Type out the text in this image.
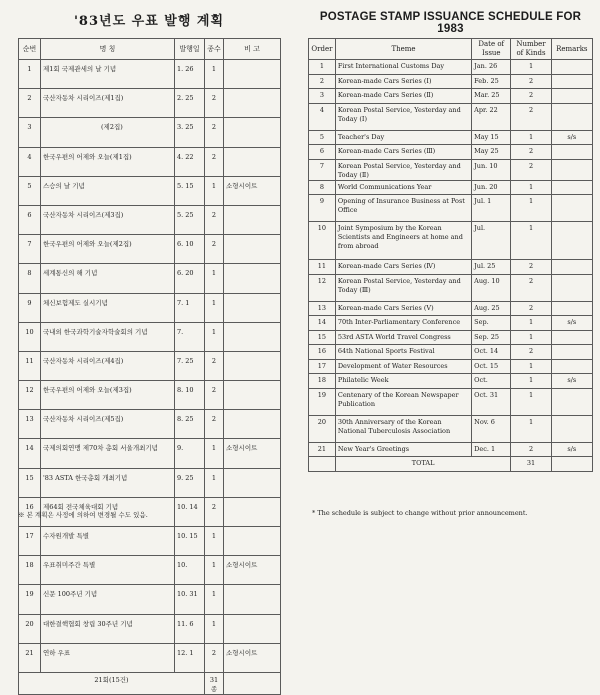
'83년도 우표 발행 계획
순번	명 칭	발행일	종수	비 고
1	제1회 국제관세의 날 기념	1. 26	1	
2	국산자동차 시리이즈(제1집)	2. 25	2	
3	(제2집)	3. 25	2	
4	한국우편의 어제와 오늘(제1집)	4. 22	2	
5	스승의 날 기념	5. 15	1	소형시이트
6	국산자동차 시리이즈(제3집)	5. 25	2	
7	한국우편의 어제와 오늘(제2집)	6. 10	2	
8	세계통신의 해 기념	6. 20	1	
9	체신보험제도 실시기념	7. 1	1	
10	국내외 한국과학기술자학술회의 기념	7.	1	
11	국산자동차 시리이즈(제4집)	7. 25	2	
12	한국우편의 어제와 오늘(제3집)	8. 10	2	
13	국산자동차 시리이즈(제5집)	8. 25	2	
14	국제의회연맹 제70차 총회 서울개최기념	9.	1	소형시이트
15	'83 ASTA 한국총회 개최기념	9. 25	1	
16	제64회 전국체육대회 기념	10. 14	2	
17	수자원개발 특별	10. 15	1	
18	우표취미주간 특별	10.	1	소형시이트
19	신문 100주년 기념	10. 31	1	
20	대한결핵협회 창립 30주년 기념	11. 6	1	
21	연하 우표	12. 1	2	소형시이트
21회(15건)			31종	
※ 본 계획은 사정에 의하여 변경될 수도 있음.
POSTAGE STAMP ISSUANCE SCHEDULE FOR 1983
Order	Theme	Date of Issue	Number of Kinds	Remarks
1	First International Customs Day	Jan. 26	1	
2	Korean-made Cars Series (Ⅰ)	Feb. 25	2	
3	Korean-made Cars Series (Ⅱ)	Mar. 25	2	
4	Korean Postal Service, Yesterday and Today (Ⅰ)	Apr. 22	2	
5	Teacher's Day	May 15	1	s/s
6	Korean-made Cars Series (Ⅲ)	May 25	2	
7	Korean Postal Service, Yesterday and Today (Ⅱ)	Jun. 10	2	
8	World Communications Year	Jun. 20	1	
9	Opening of Insurance Business at Post Office	Jul. 1	1	
10	Joint Symposium by the Korean Scientists and Engineers at home and from abroad	Jul.	1	
11	Korean-made Cars Series (Ⅳ)	Jul. 25	2	
12	Korean Postal Service, Yesterday and Today (Ⅲ)	Aug. 10	2	
13	Korean-made Cars Series (Ⅴ)	Aug. 25	2	
14	70th Inter-Parliamentary Conference	Sep.	1	s/s
15	53rd ASTA World Travel Congress	Sep. 25	1	
16	64th National Sports Festival	Oct. 14	2	
17	Development of Water Resources	Oct. 15	1	
18	Philatelic Week	Oct.	1	s/s
19	Centenary of the Korean Newspaper Publication	Oct. 31	1	
20	30th Anniversary of the Korean National Tuberculosis Association	Nov. 6	1	
21	New Year's Greetings	Dec. 1	2	s/s
	TOTAL		31	
* The schedule is subject to change without prior announcement.
